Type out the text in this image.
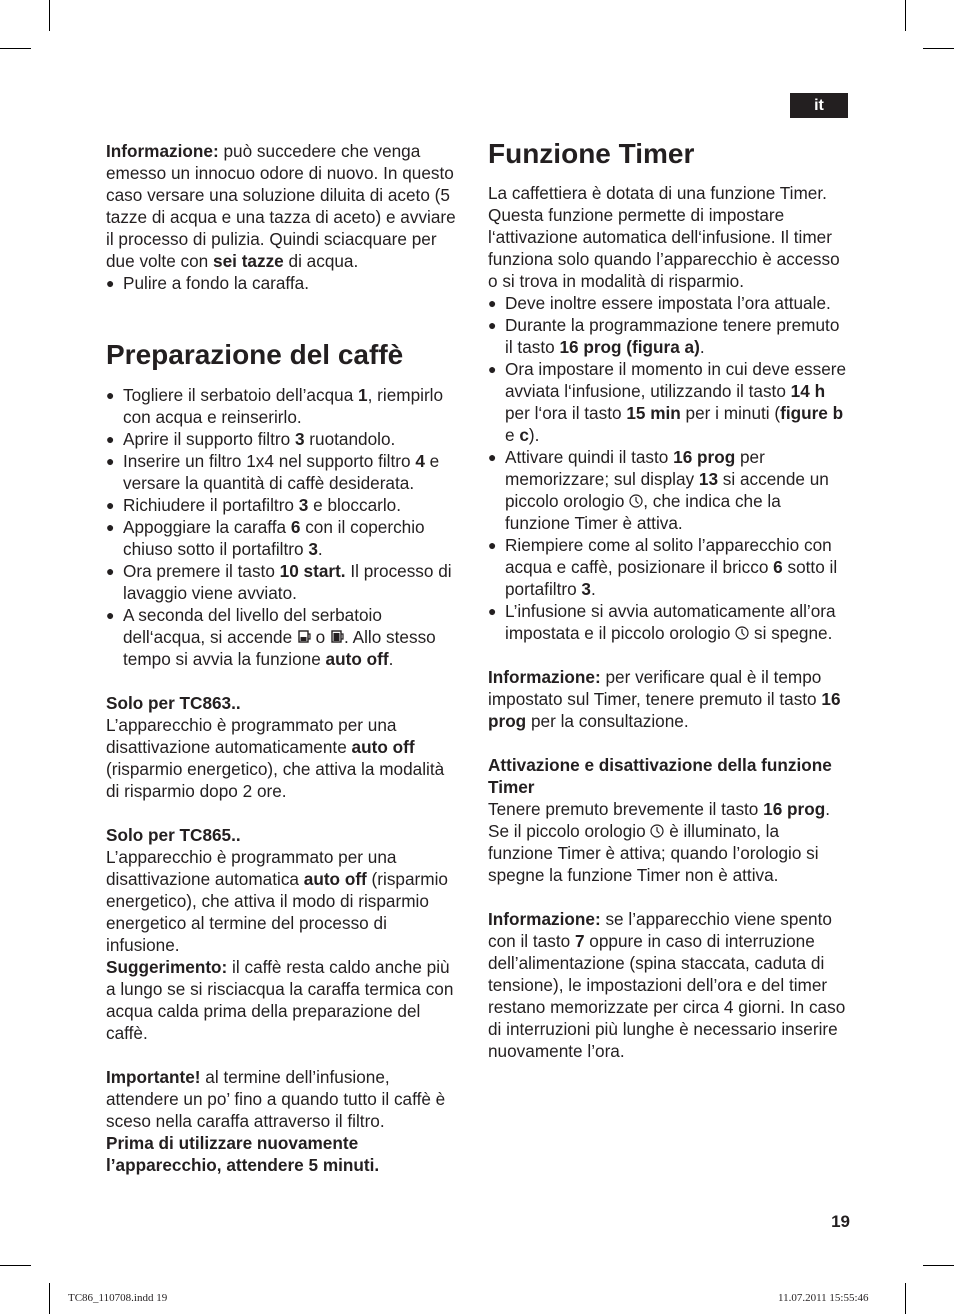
it

Informazione: può succedere che venga emesso un innocuo odore di nuovo. In questo caso versare una soluzione diluita di aceto (5 tazze di acqua e una tazza di aceto) e avviare il processo di pulizia. Quindi sciacquare per due volte con sei tazze di acqua.

● Pulire a fondo la caraffa.

Preparazione del caffè

● Togliere il serbatoio dell’acqua 1, riempirlo con acqua e reinserirlo.

● Aprire il supporto filtro 3 ruotandolo.

● Inserire un filtro 1x4 nel supporto filtro 4 e versare la quantità di caffè desiderata.

● Richiudere il portafiltro 3 e bloccarlo.

● Appoggiare la caraffa 6 con il coperchio chiuso sotto il portafiltro 3.

● Ora premere il tasto 10 start. Il processo di lavaggio viene avviato.

● A seconda del livello del serbatoio dell‘acqua, si accende  o . Allo stesso tempo si avvia la funzione auto off.

Solo per TC863..

L’apparecchio è programmato per una disattivazione automaticamente auto off (risparmio energetico), che attiva la modalità di risparmio dopo 2 ore.

Solo per TC865..

L’apparecchio è programmato per una disattivazione automatica auto off (risparmio energetico), che attiva il modo di risparmio energetico al termine del processo di infusione.

Suggerimento: il caffè resta caldo anche più a lungo se si risciacqua la caraffa termica con acqua calda prima della preparazione del caffè.

Importante! al termine dell’infusione, attendere un po’ fino a quando tutto il caffè è sceso nella caraffa attraverso il filtro.

Prima di utilizzare nuovamente l’apparecchio, attendere 5 minuti.

Funzione Timer

La caffettiera è dotata di una funzione Timer.

Questa funzione permette di impostare l‘attivazione automatica dell‘infusione. Il timer funziona solo quando l’apparecchio è accesso o si trova in modalità di risparmio.

● Deve inoltre essere impostata l’ora attuale.

● Durante la programmazione tenere premuto il tasto 16 prog (figura a).

● Ora impostare il momento in cui deve essere avviata l‘infusione, utilizzando il tasto 14 h per l‘ora il tasto 15 min per i minuti (figure b e c).

● Attivare quindi il tasto 16 prog per memorizzare; sul display 13 si accende un piccolo orologio , che indica che la funzione Timer è attiva.

● Riempiere come al solito l’apparecchio con acqua e caffè, posizionare il bricco 6 sotto il portafiltro 3.

● L’infusione si avvia automaticamente all’ora impostata e il piccolo orologio  si spegne.

Informazione: per verificare qual è il tempo impostato sul Timer, tenere premuto il tasto 16 prog per la consultazione.

Attivazione e disattivazione della funzione Timer

Tenere premuto brevemente il tasto 16 prog. Se il piccolo orologio  è illuminato, la funzione Timer è attiva; quando l’orologio si spegne la funzione Timer non è attiva.

Informazione: se l’apparecchio viene spento con il tasto 7 oppure in caso di interruzione dell’alimentazione (spina staccata, caduta di tensione), le impostazioni dell’ora e del timer restano memorizzate per circa 4 giorni. In caso di interruzioni più lunghe è necessario inserire nuovamente l’ora.

19
TC86_110708.indd 19	11.07.2011 15:55:46
